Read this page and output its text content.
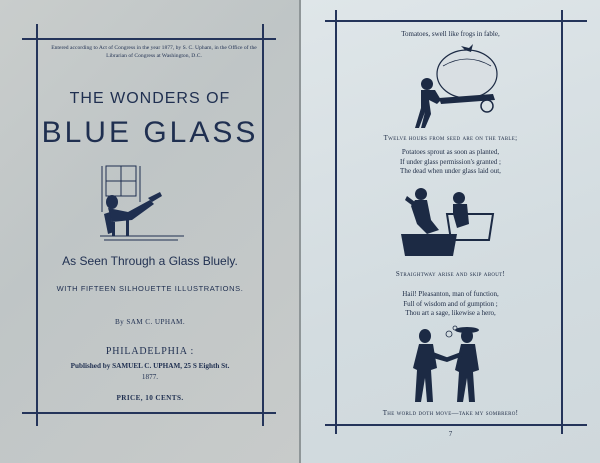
Entered according to Act of Congress in the year 1877, by S. C. Upham, in the Office of the Librarian of Congress at Washington, D.C.
THE WONDERS OF
BLUE GLASS
As Seen Through a Glass Bluely.
WITH FIFTEEN SILHOUETTE ILLUSTRATIONS.
By SAM C. UPHAM.
PHILADELPHIA :
Published by SAMUEL C. UPHAM, 25 S Eighth St.
1877.
PRICE, 10 CENTS.
Tomatoes, swell like frogs in fable,
Twelve hours from seed are on the table;
Potatoes sprout as soon as planted,
If under glass permission's granted ;
The dead when under glass laid out,
Straightway arise and skip about!
Hail! Pleasanton, man of function,
Full of wisdom and of gumption ;
Thou art a sage, likewise a hero,
The world doth move—take my sombrero!
7
